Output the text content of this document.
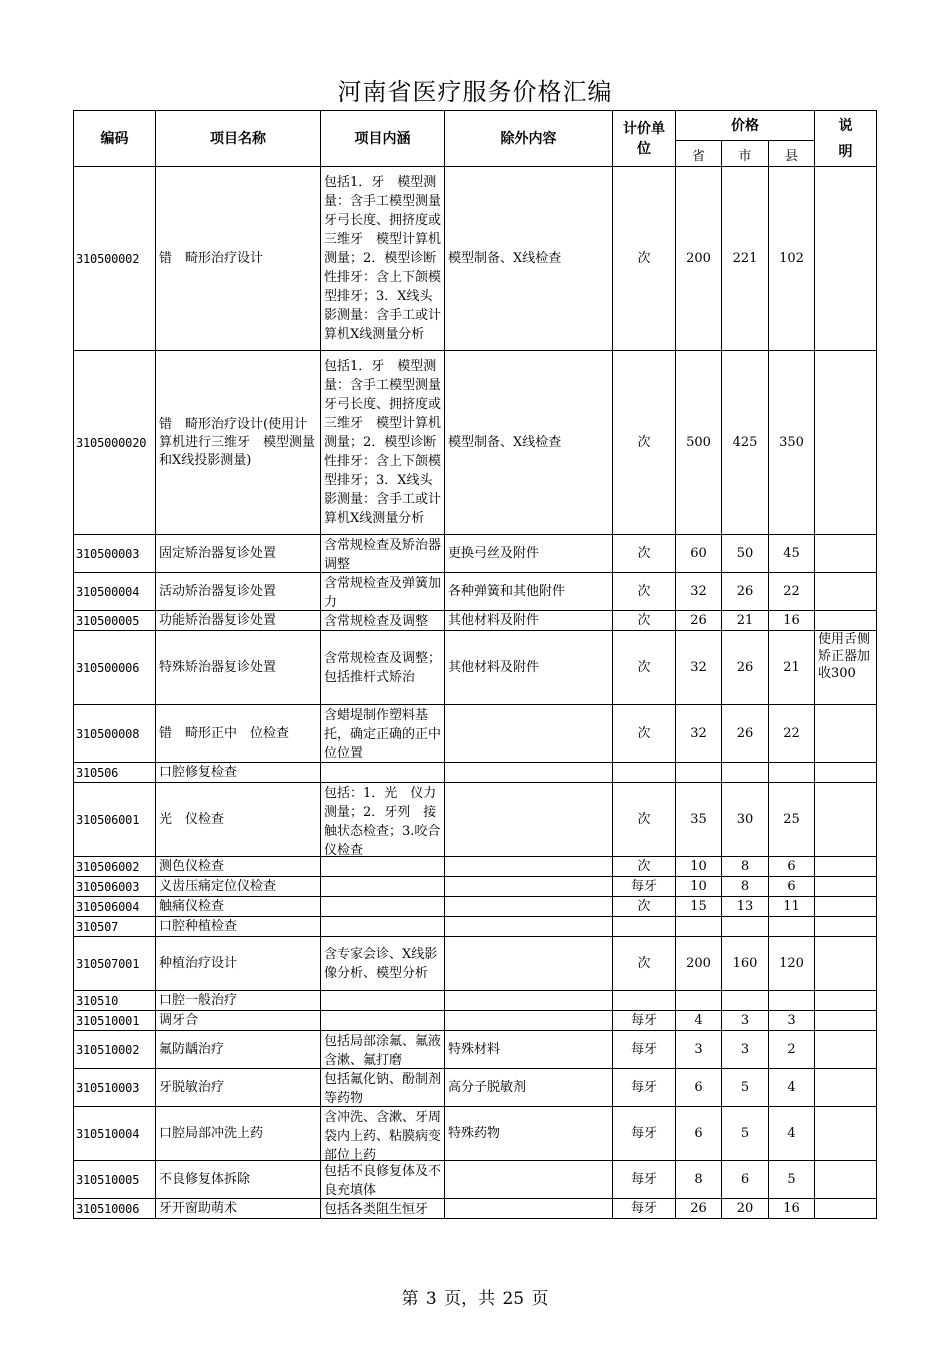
河南省医疗服务价格汇编
编码	项目名称	项目内涵	除外内容	计价单位	价格			说明
					省	市	县	
310500002	错　畸形治疗设计	包括1．牙　模型测量：含手工模型测量牙弓长度、拥挤度或三维牙　模型计算机测量；2．模型诊断性排牙：含上下颌模型排牙；3．X线头影测量：含手工或计算机X线测量分析	模型制备、X线检查	次	200	221	102	
3105000020	错　畸形治疗设计(使用计算机进行三维牙　模型测量和X线投影测量)	包括1．牙　模型测量：含手工模型测量牙弓长度、拥挤度或三维牙　模型计算机测量；2．模型诊断性排牙：含上下颌模型排牙；3．X线头影测量：含手工或计算机X线测量分析	模型制备、X线检查	次	500	425	350	
310500003	固定矫治器复诊处置	含常规检查及矫治器调整	更换弓丝及附件	次	60	50	45	
310500004	活动矫治器复诊处置	含常规检查及弹簧加力	各种弹簧和其他附件	次	32	26	22	
310500005	功能矫治器复诊处置	含常规检查及调整	其他材料及附件	次	26	21	16	
310500006	特殊矫治器复诊处置	含常规检查及调整；包括推杆式矫治	其他材料及附件	次	32	26	21	使用舌侧矫正器加收300
310500008	错　畸形正中　位检查	含蜡堤制作塑料基托，确定正确的正中　位位置		次	32	26	22	
310506	口腔修复检查	

310506001	光　仪检查	包括：1．光　仪力测量；2．牙列　接触状态检查；3.咬合仪检查		次	35	30	25	
310506002	测色仪检查			次	10	8	6	
310506003	义齿压痛定位仪检查			每牙	10	8	6	
310506004	触痛仪检查			次	15	13	11	
310507	口腔种植检查	

310507001	种植治疗设计	含专家会诊、X线影像分析、模型分析		次	200	160	120	
310510	口腔一般治疗	

310510001	调牙合			每牙	4	3	3	
310510002	氟防龋治疗	包括局部涂氟、氟液含漱、氟打磨	特殊材料	每牙	3	3	2	
310510003	牙脱敏治疗	包括氟化钠、酚制剂等药物	高分子脱敏剂	每牙	6	5	4	
310510004	口腔局部冲洗上药	含冲洗、含漱、牙周袋内上药、粘膜病变部位上药	特殊药物	每牙	6	5	4	
310510005	不良修复体拆除	包括不良修复体及不良充填体		每牙	8	6	5	
310510006	牙开窗助萌术	包括各类阻生恒牙		每牙	26	20	16	
第 3 页，共 25 页
